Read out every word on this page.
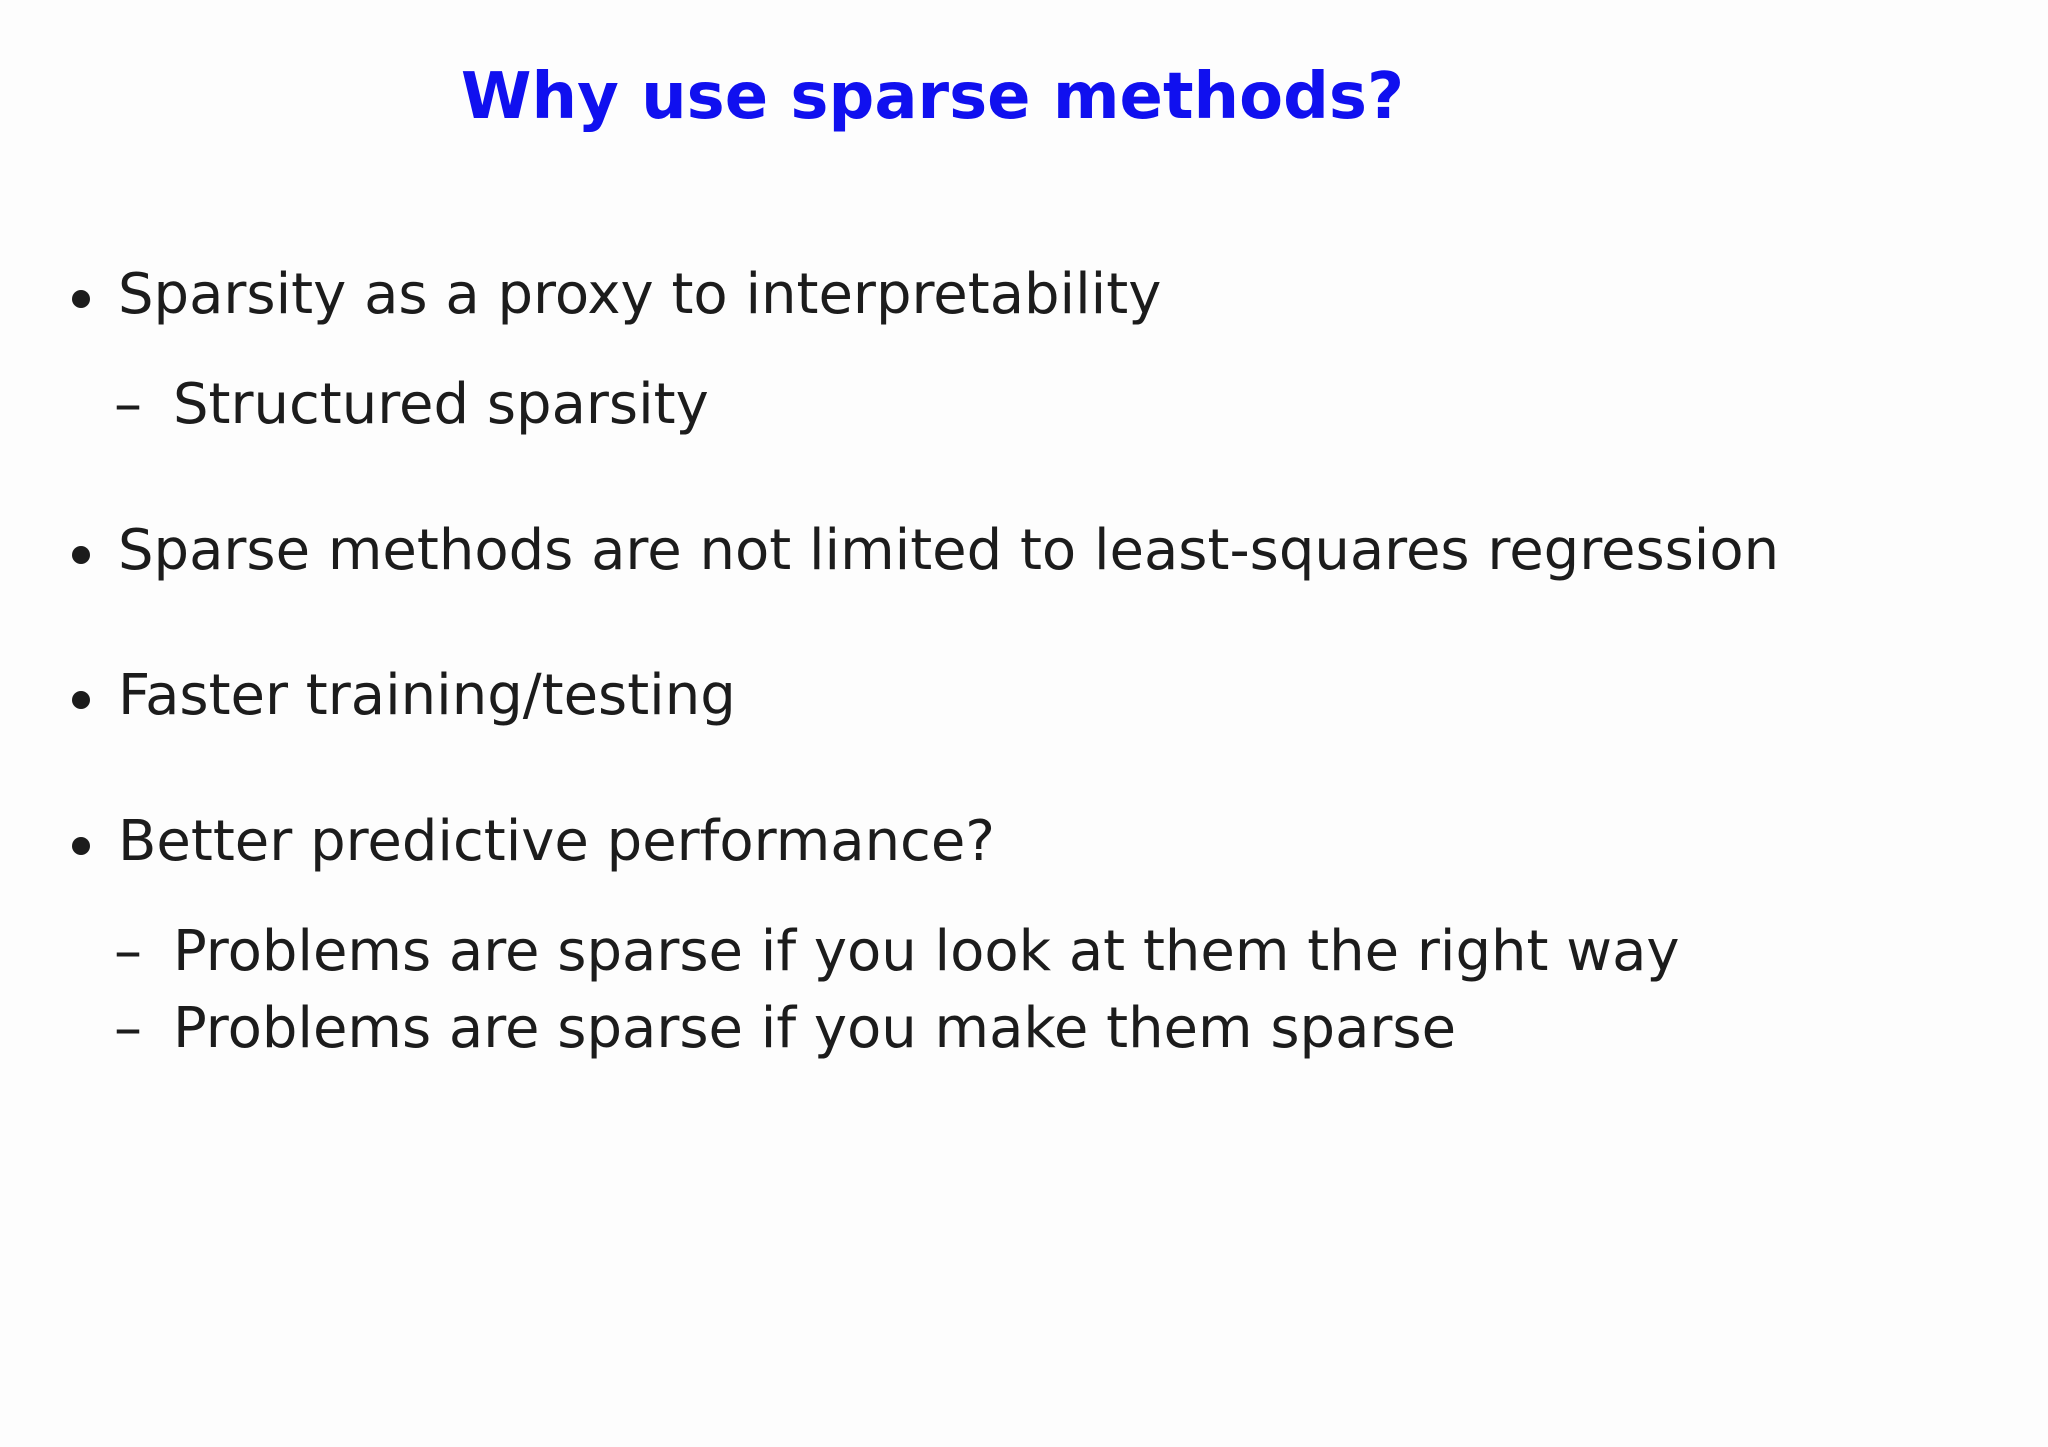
Why use sparse methods?
Sparsity as a proxy to interpretability
– Structured sparsity
Sparse methods are not limited to least-squares regression
Faster training/testing
Better predictive performance?
– Problems are sparse if you look at them the right way
– Problems are sparse if you make them sparse
